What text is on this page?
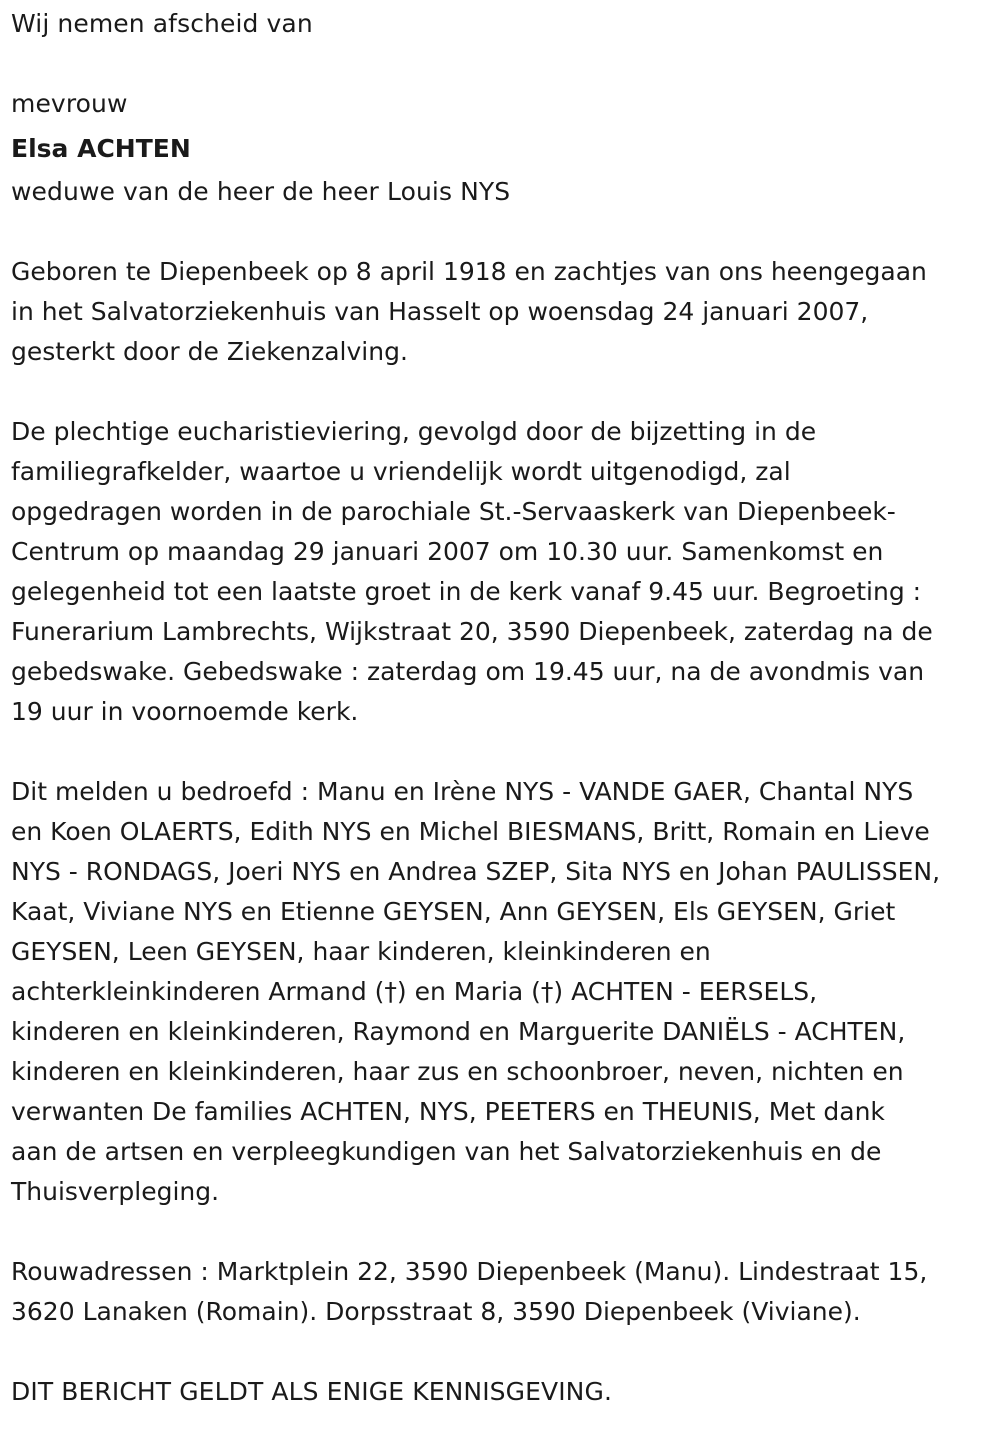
Wij nemen afscheid van

mevrouw

Elsa ACHTEN

weduwe van de heer de heer Louis NYS

Geboren te Diepenbeek op 8 april 1918 en zachtjes van ons heengegaan
in het Salvatorziekenhuis van Hasselt op woensdag 24 januari 2007,
gesterkt door de Ziekenzalving.

De plechtige eucharistieviering, gevolgd door de bijzetting in de
familiegrafkelder, waartoe u vriendelijk wordt uitgenodigd, zal
opgedragen worden in de parochiale St.-Servaaskerk van Diepenbeek-
Centrum op maandag 29 januari 2007 om 10.30 uur. Samenkomst en
gelegenheid tot een laatste groet in de kerk vanaf 9.45 uur. Begroeting :
Funerarium Lambrechts, Wijkstraat 20, 3590 Diepenbeek, zaterdag na de
gebedswake. Gebedswake : zaterdag om 19.45 uur, na de avondmis van
19 uur in voornoemde kerk.

Dit melden u bedroefd : Manu en Irène NYS - VANDE GAER, Chantal NYS
en Koen OLAERTS, Edith NYS en Michel BIESMANS, Britt, Romain en Lieve
NYS - RONDAGS, Joeri NYS en Andrea SZEP, Sita NYS en Johan PAULISSEN,
Kaat, Viviane NYS en Etienne GEYSEN, Ann GEYSEN, Els GEYSEN, Griet
GEYSEN, Leen GEYSEN, haar kinderen, kleinkinderen en
achterkleinkinderen Armand (†) en Maria (†) ACHTEN - EERSELS,
kinderen en kleinkinderen, Raymond en Marguerite DANIËLS - ACHTEN,
kinderen en kleinkinderen, haar zus en schoonbroer, neven, nichten en
verwanten De families ACHTEN, NYS, PEETERS en THEUNIS, Met dank
aan de artsen en verpleegkundigen van het Salvatorziekenhuis en de
Thuisverpleging.

Rouwadressen : Marktplein 22, 3590 Diepenbeek (Manu). Lindestraat 15,
3620 Lanaken (Romain). Dorpsstraat 8, 3590 Diepenbeek (Viviane).

DIT BERICHT GELDT ALS ENIGE KENNISGEVING.
